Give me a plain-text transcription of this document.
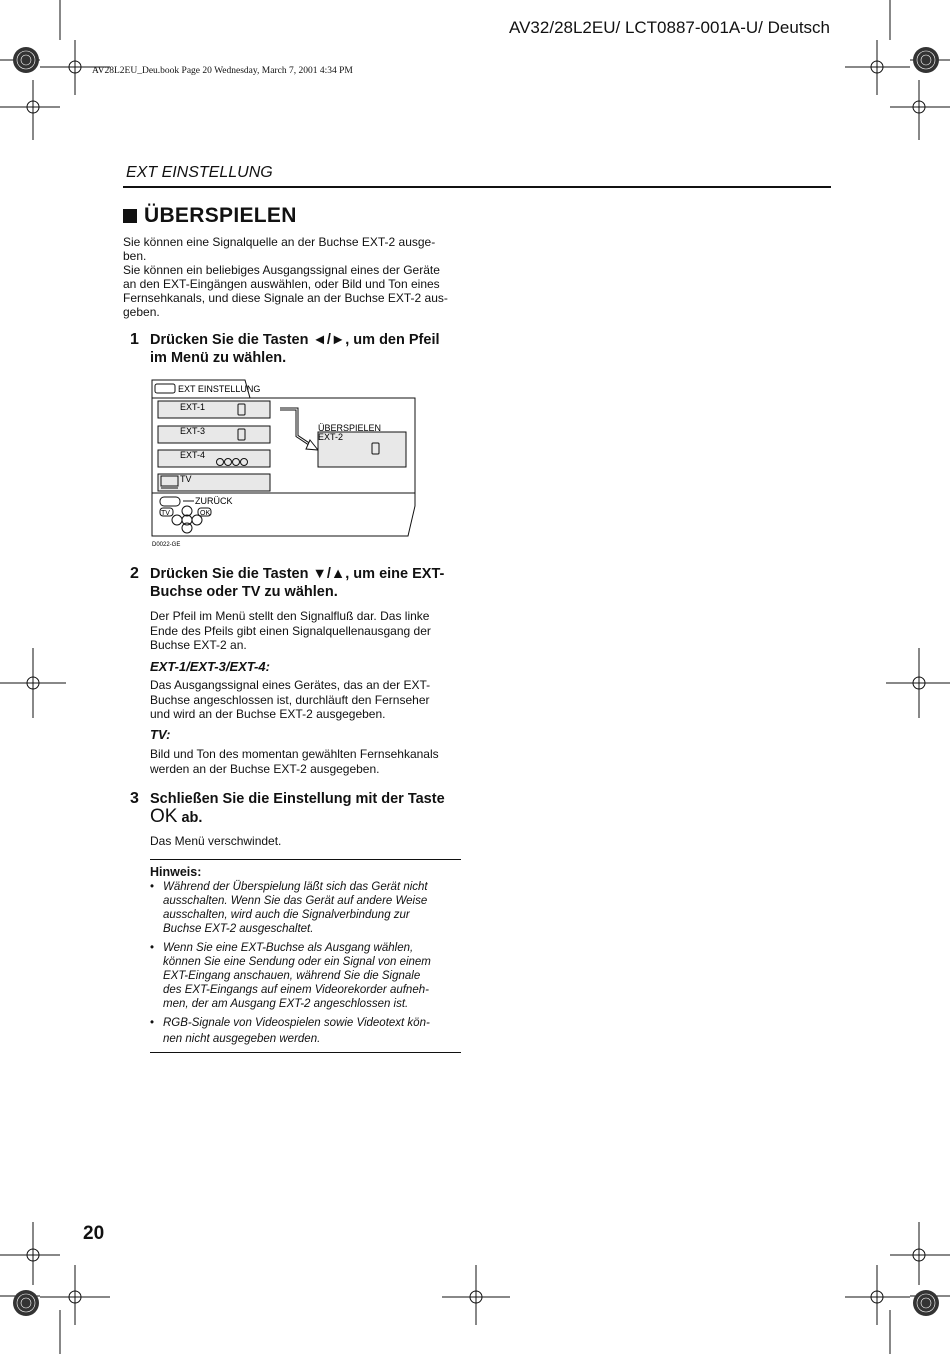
AV32/28L2EU/ LCT0887-001A-U/ Deutsch
AV28L2EU_Deu.book Page 20 Wednesday, March 7, 2001 4:34 PM
EXT EINSTELLUNG
ÜBERSPIELEN
Sie können eine Signalquelle an der Buchse EXT-2 ausge-
ben.
Sie können ein beliebiges Ausgangssignal eines der Geräte
an den EXT-Eingängen auswählen, oder Bild und Ton eines
Fernsehkanals, und diese Signale an der Buchse EXT-2 aus-
geben.
1 Drücken Sie die Tasten ◄/►, um den Pfeil
im Menü zu wählen.
EXT EINSTELLUNG
EXT-1
EXT-3
EXT-4
TV
ÜBERSPIELEN
EXT-2
ZURÜCK
TV	OK
D0022-GE
2 Drücken Sie die Tasten ▼/▲, um eine EXT-
Buchse oder TV zu wählen.
Der Pfeil im Menü stellt den Signalfluß dar. Das linke
Ende des Pfeils gibt einen Signalquellenausgang der
Buchse EXT-2 an.
EXT-1/EXT-3/EXT-4:
Das Ausgangssignal eines Gerätes, das an der EXT-
Buchse angeschlossen ist, durchläuft den Fernseher
und wird an der Buchse EXT-2 ausgegeben.
TV:
Bild und Ton des momentan gewählten Fernsehkanals
werden an der Buchse EXT-2 ausgegeben.
3 Schließen Sie die Einstellung mit der Taste
OK ab.
Das Menü verschwindet.
Hinweis:
• Während der Überspielung läßt sich das Gerät nicht
ausschalten. Wenn Sie das Gerät auf andere Weise
ausschalten, wird auch die Signalverbindung zur
Buchse EXT-2 ausgeschaltet.
• Wenn Sie eine EXT-Buchse als Ausgang wählen,
können Sie eine Sendung oder ein Signal von einem
EXT-Eingang anschauen, während Sie die Signale
des EXT-Eingangs auf einem Videorekorder aufneh-
men, der am Ausgang EXT-2 angeschlossen ist.
• RGB-Signale von Videospielen sowie Videotext kön-
nen nicht ausgegeben werden.
20
